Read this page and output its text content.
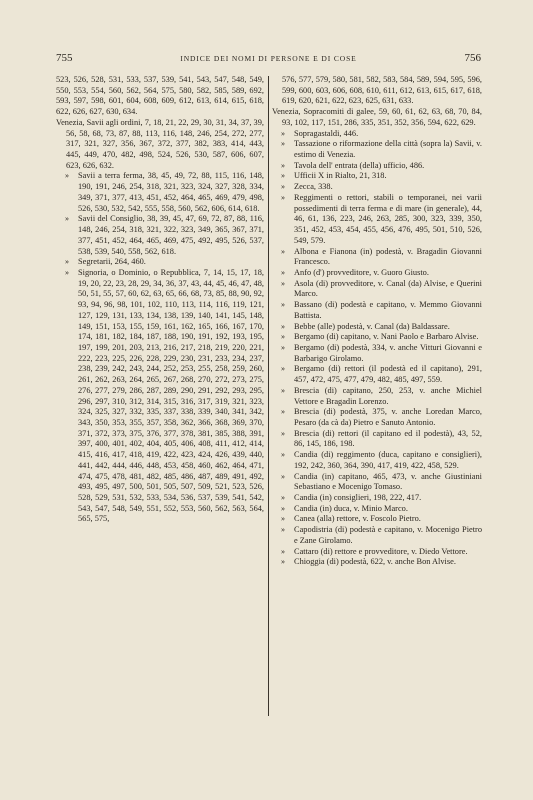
755	INDICE DEI NOMI DI PERSONE E DI COSE	756

523, 526, 528, 531, 533, 537, 539, 541, 543, 547, 548, 549, 550, 553, 554, 560, 562, 564, 575, 580, 582, 585, 589, 692, 593, 597, 598, 601, 604, 608, 609, 612, 613, 614, 615, 618, 622, 626, 627, 630, 634.

Venezia, Savii agli ordini, 7, 18, 21, 22, 29, 30, 31, 34, 37, 39, 56, 58, 68, 73, 87, 88, 113, 116, 148, 246, 254, 272, 277, 317, 321, 327, 356, 367, 372, 377, 382, 383, 414, 443, 445, 449, 470, 482, 498, 524, 526, 530, 587, 606, 607, 623, 626, 632.

» Savii a terra ferma, 38, 45, 49, 72, 88, 115, 116, 148, 190, 191, 246, 254, 318, 321, 323, 324, 327, 328, 334, 349, 371, 377, 413, 451, 452, 464, 465, 469, 479, 498, 526, 530, 532, 542, 555, 558, 560, 562, 606, 614, 618.

» Savii del Consiglio, 38, 39, 45, 47, 69, 72, 87, 88, 116, 148, 246, 254, 318, 321, 322, 323, 349, 365, 367, 371, 377, 451, 452, 464, 465, 469, 475, 492, 495, 526, 537, 538, 539, 540, 558, 562, 618.

» Segretarii, 264, 460.

» Signoria, o Dominio, o Repubblica, 7, 14, 15, 17, 18, 19, 20, 22, 23, 28, 29, 34, 36, 37, 43, 44, 45, 46, 47, 48, 50, 51, 55, 57, 60, 62, 63, 65, 66, 68, 73, 85, 88, 90, 92, 93, 94, 96, 98, 101, 102, 110, 113, 114, 116, 119, 121, 127, 129, 131, 133, 134, 138, 139, 140, 141, 145, 148, 149, 151, 153, 155, 159, 161, 162, 165, 166, 167, 170, 174, 181, 182, 184, 187, 188, 190, 191, 192, 193, 195, 197, 199, 201, 203, 213, 216, 217, 218, 219, 220, 221, 222, 223, 225, 226, 228, 229, 230, 231, 233, 234, 237, 238, 239, 242, 243, 244, 252, 253, 255, 258, 259, 260, 261, 262, 263, 264, 265, 267, 268, 270, 272, 273, 275, 276, 277, 279, 286, 287, 289, 290, 291, 292, 293, 295, 296, 297, 310, 312, 314, 315, 316, 317, 319, 321, 323, 324, 325, 327, 332, 335, 337, 338, 339, 340, 341, 342, 343, 350, 353, 355, 357, 358, 362, 366, 368, 369, 370, 371, 372, 373, 375, 376, 377, 378, 381, 385, 388, 391, 397, 400, 401, 402, 404, 405, 406, 408, 411, 412, 414, 415, 416, 417, 418, 419, 422, 423, 424, 426, 439, 440, 441, 442, 444, 446, 448, 453, 458, 460, 462, 464, 471, 474, 475, 478, 481, 482, 485, 486, 487, 489, 491, 492, 493, 495, 497, 500, 501, 505, 507, 509, 521, 523, 526, 528, 529, 531, 532, 533, 534, 536, 537, 539, 541, 542, 543, 547, 548, 549, 551, 552, 553, 560, 562, 563, 564, 565, 575,

576, 577, 579, 580, 581, 582, 583, 584, 589, 594, 595, 596, 599, 600, 603, 606, 608, 610, 611, 612, 613, 615, 617, 618, 619, 620, 621, 622, 623, 625, 631, 633.

Venezia, Sopracomiti di galee, 59, 60, 61, 62, 63, 68, 70, 84, 93, 102, 117, 151, 286, 335, 351, 352, 356, 594, 622, 629.

» Sopragastaldi, 446.

» Tassazione o riformazione della città (sopra la) Savii, v. estimo di Venezia.

» Tavola dell' entrata (della) ufficio, 486.

» Ufficii X in Rialto, 21, 318.

» Zecca, 338.

» Reggimenti o rettori, stabili o temporanei, nei varii possedimenti di terra ferma e di mare (in generale), 44, 46, 61, 136, 223, 246, 263, 285, 300, 323, 339, 350, 351, 452, 453, 454, 455, 456, 476, 495, 501, 510, 526, 549, 579.

» Albona e Fianona (in) podestà, v. Bragadin Giovanni Francesco.

» Anfo (d') provveditore, v. Guoro Giusto.

» Asola (di) provveditore, v. Canal (da) Alvise, e Querini Marco.

» Bassano (di) podestà e capitano, v. Memmo Giovanni Battista.

» Bebbe (alle) podestà, v. Canal (da) Baldassare.

» Bergamo (di) capitano, v. Nani Paolo e Barbaro Alvise.

» Bergamo (di) podestà, 334, v. anche Vitturi Giovanni e Barbarigo Girolamo.

» Bergamo (di) rettori (il podestà ed il capitano), 291, 457, 472, 475, 477, 479, 482, 485, 497, 559.

» Brescia (di) capitano, 250, 253, v. anche Michiel Vettore e Bragadin Lorenzo.

» Brescia (di) podestà, 375, v. anche Loredan Marco, Pesaro (da cà da) Pietro e Sanuto Antonio.

» Brescia (di) rettori (il capitano ed il podestà), 43, 52, 86, 145, 186, 198.

» Candia (di) reggimento (duca, capitano e consiglieri), 192, 242, 360, 364, 390, 417, 419, 422, 458, 529.

» Candia (in) capitano, 465, 473, v. anche Giustiniani Sebastiano e Mocenigo Tomaso.

» Candia (in) consiglieri, 198, 222, 417.

» Candia (in) duca, v. Minio Marco.

» Canea (alla) rettore, v. Foscolo Pietro.

» Capodistria (di) podestà e capitano, v. Mocenigo Pietro e Zane Girolamo.

» Cattaro (di) rettore e provveditore, v. Diedo Vettore.

» Chioggia (di) podestà, 622, v. anche Bon Alvise.
